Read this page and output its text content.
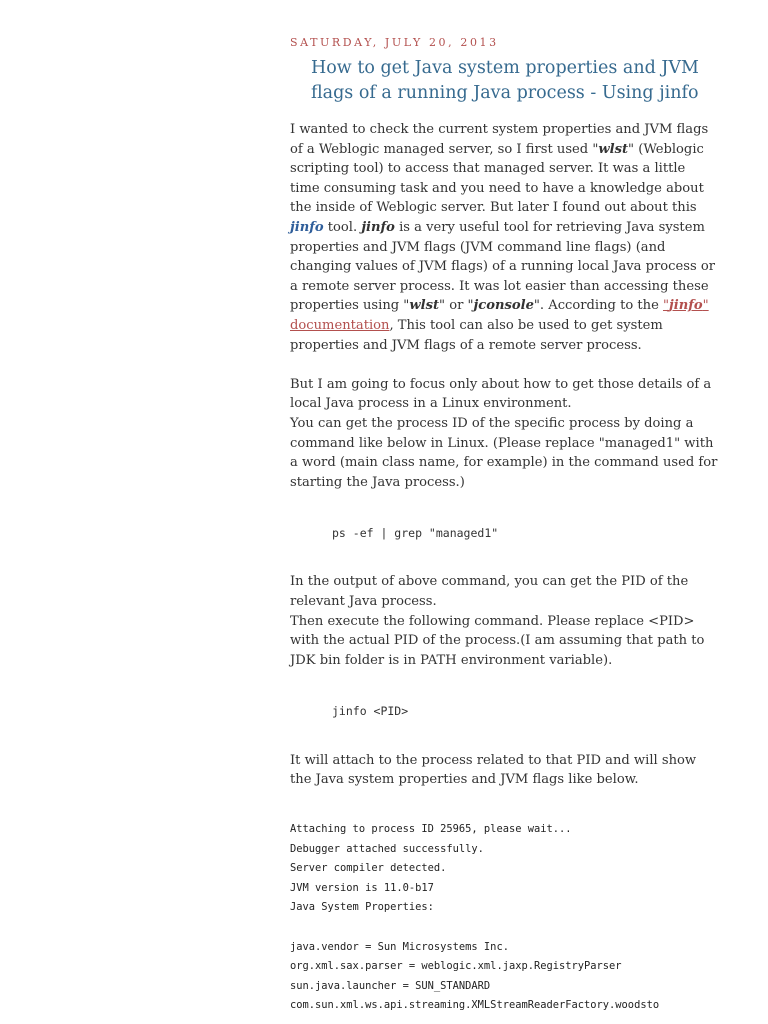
SATURDAY, JULY 20, 2013
How to get Java system properties and JVM flags of a running Java process - Using jinfo

I wanted to check the current system properties and JVM flags of a Weblogic managed server, so I first used "wlst" (Weblogic scripting tool) to access that managed server. It was a little time consuming task and you need to have a knowledge about the inside of Weblogic server. But later I found out about this jinfo tool. jinfo is a very useful tool for retrieving Java system properties and JVM flags (JVM command line flags) (and changing values of JVM flags) of a running local Java process or a remote server process. It was lot easier than accessing these properties using "wlst" or "jconsole". According to the "jinfo" documentation, This tool can also be used to get system properties and JVM flags of a remote server process.

But I am going to focus only about how to get those details of a local Java process in a Linux environment.

You can get the process ID of the specific process by doing a command like below in Linux. (Please replace "managed1" with a word (main class name, for example) in the command used for starting the Java process.)

ps -ef | grep "managed1"

In the output of above command, you can get the PID of the relevant Java process.

Then execute the following command. Please replace <PID> with the actual PID of the process.(I am assuming that path to JDK bin folder is in PATH environment variable).

jinfo <PID>

It will attach to the process related to that PID and will show the Java system properties and JVM flags like below.

Attaching to process ID 25965, please wait...
Debugger attached successfully.
Server compiler detected.
JVM version is 11.0-b17
Java System Properties:

java.vendor = Sun Microsystems Inc.
org.xml.sax.parser = weblogic.xml.jaxp.RegistryParser
sun.java.launcher = SUN_STANDARD
com.sun.xml.ws.api.streaming.XMLStreamReaderFactory.woodsto
